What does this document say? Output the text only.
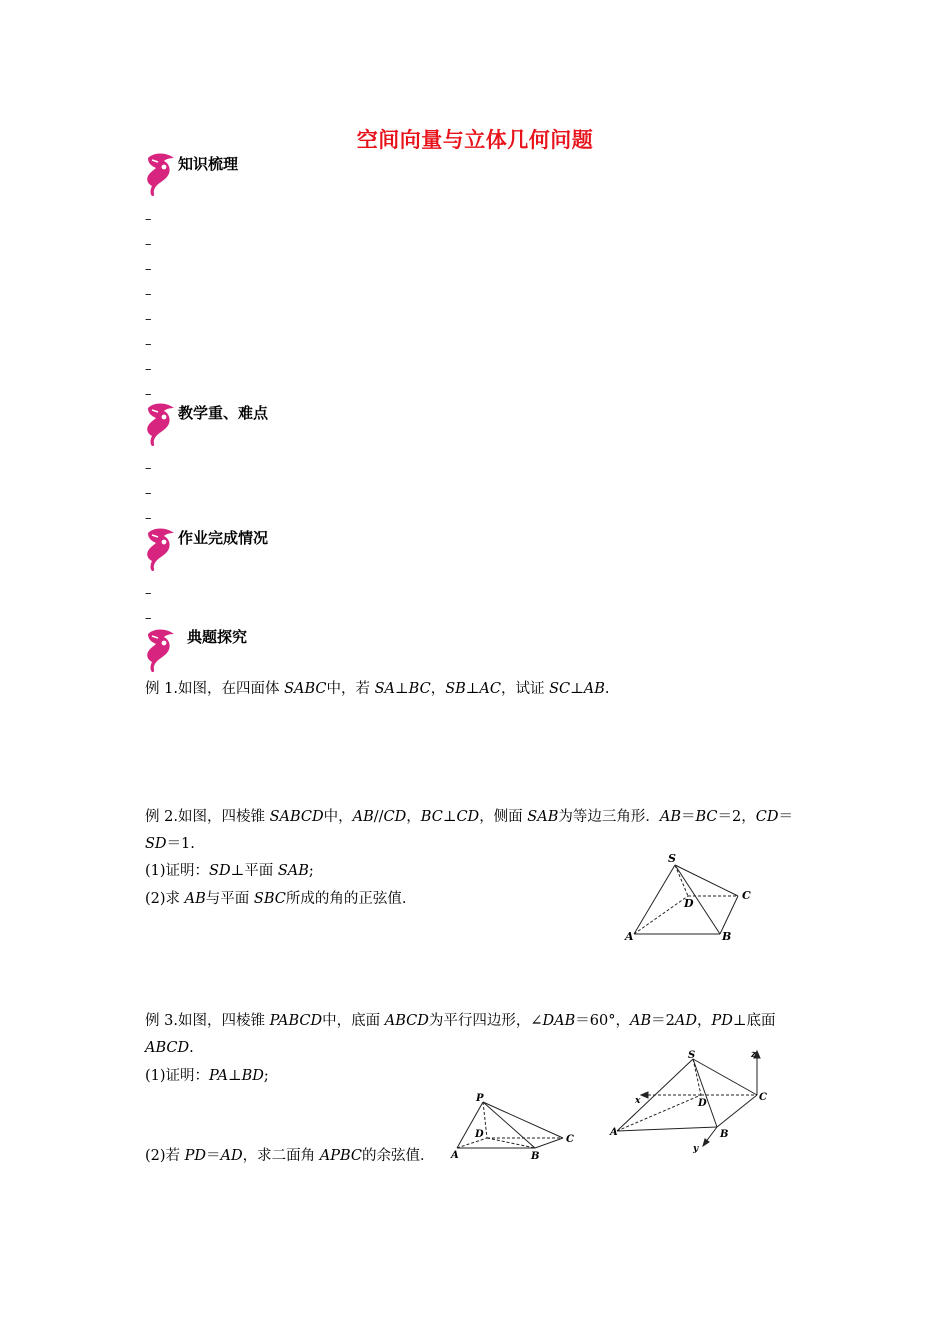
空间向量与立体几何问题
知识梳理
–
–
–
–
–
–
–
–
教学重、难点
–
–
–
作业完成情况
–
–
典题探究
例 1.如图，在四面体 SABC中，若 SA⊥BC，SB⊥AC，试证 SC⊥AB.
例 2.如图，四棱锥 SABCD中，AB//CD，BC⊥CD，侧面 SAB为等边三角形．AB＝BC＝2，CD＝
SD＝1.
(1)证明：SD⊥平面 SAB;
(2)求 AB与平面 SBC所成的角的正弦值.
S
A	B
C
D
例 3.如图，四棱锥 PABCD中，底面 ABCD为平行四边形，∠DAB＝60°，AB＝2AD，PD⊥底面
ABCD.
(1)证明：PA⊥BD;
(2)若 PD＝AD，求二面角 APBC的余弦值．
P
A	B
C
D
S
A	B
C
D
x
y
z
